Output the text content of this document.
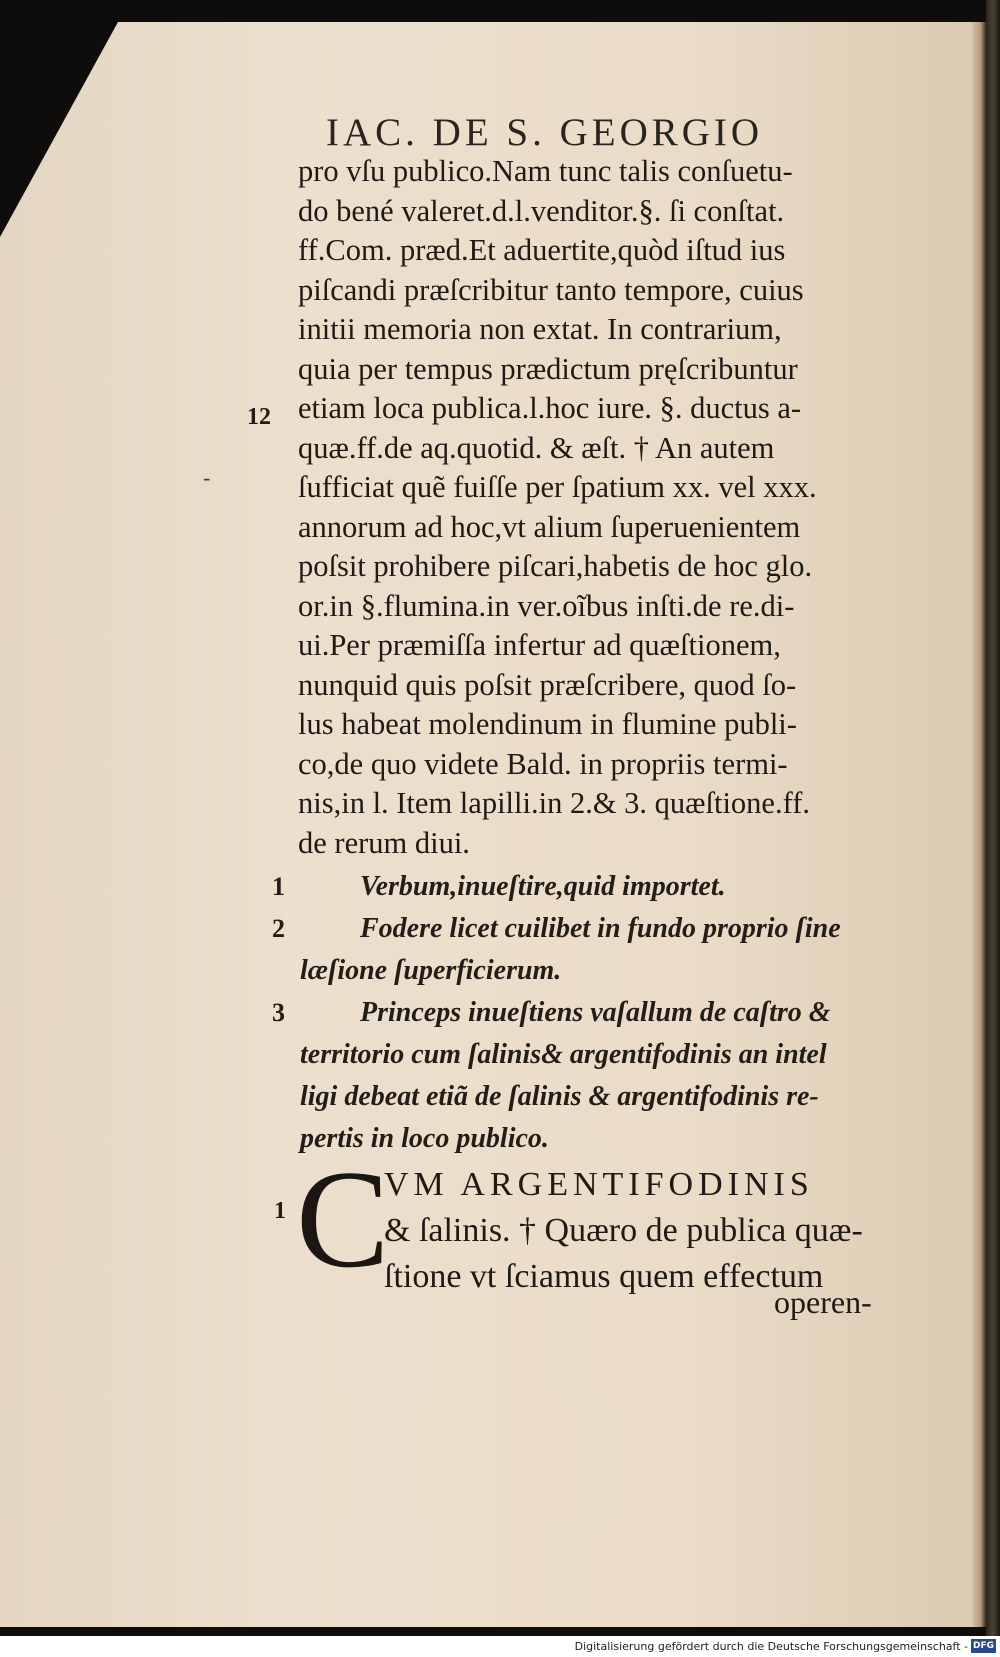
IAC. DE S. GEORGIO
pro vſu publico.Nam tunc talis conſuetu-
do bené valeret.d.l.venditor.§. ſi conſtat.
ff.Com. præd.Et aduertite,quòd iſtud ius
piſcandi præſcribitur tanto tempore, cuius
initii memoria non extat. In contrarium,
quia per tempus prædictum pręſcribuntur
etiam loca publica.l.hoc iure. §. ductus a-
quæ.ff.de aq.quotid. & æſt. † An autem
ſufficiat quẽ fuiſſe per ſpatium xx. vel xxx.
annorum ad hoc,vt alium ſuperuenientem
poſsit prohibere piſcari,habetis de hoc glo.
or.in §.flumina.in ver.oĩbus inſti.de re.di-
ui.Per præmiſſa infertur ad quæſtionem,
nunquid quis poſsit præſcribere, quod ſo-
lus habeat molendinum in flumine publi-
co,de quo videte Bald. in propriis termi-
nis,in l. Item lapilli.in 2.& 3. quæſtione.ff.
de rerum diui.
12
-
1	Verbum,inueſtire,quid importet.
2	Fodere licet cuilibet in fundo proprio ſine
læſione ſuperficierum.
3	Princeps inueſtiens vaſallum de caſtro &
territorio cum ſalinis& argentifodinis an intel
ligi debeat etiã de ſalinis & argentifodinis re-
pertis in loco publico.
1 C
VM ARGENTIFODINIS
& ſalinis. † Quæro de publica quæ-
ſtione vt ſciamus quem effectum
operen-
Digitalisierung gefördert durch die Deutsche Forschungsgemeinschaft - DFG
